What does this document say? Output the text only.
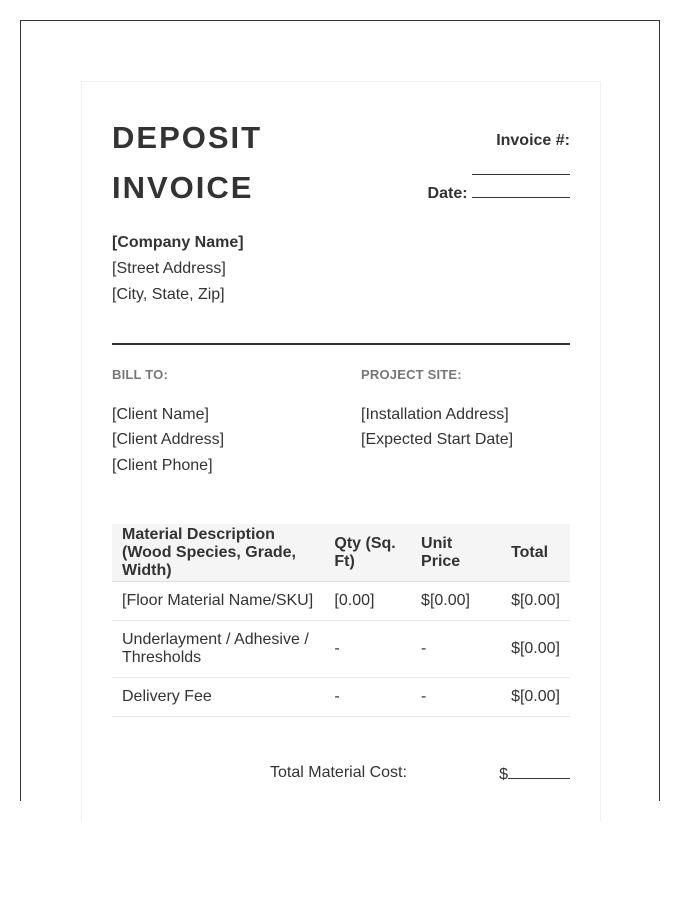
DEPOSIT
INVOICE
Invoice #:
Date:
[Company Name]
[Street Address]
[City, State, Zip]
BILL TO:
[Client Name]
[Client Address]
[Client Phone]
PROJECT SITE:
[Installation Address]
[Expected Start Date]
Material Description (Wood Species, Grade, Width)	Qty (Sq. Ft)	Unit Price	Total
[Floor Material Name/SKU]	[0.00]	$[0.00]	$[0.00]
Underlayment / Adhesive / Thresholds	-	-	$[0.00]
Delivery Fee	-	-	$[0.00]
Total Material Cost:	$
